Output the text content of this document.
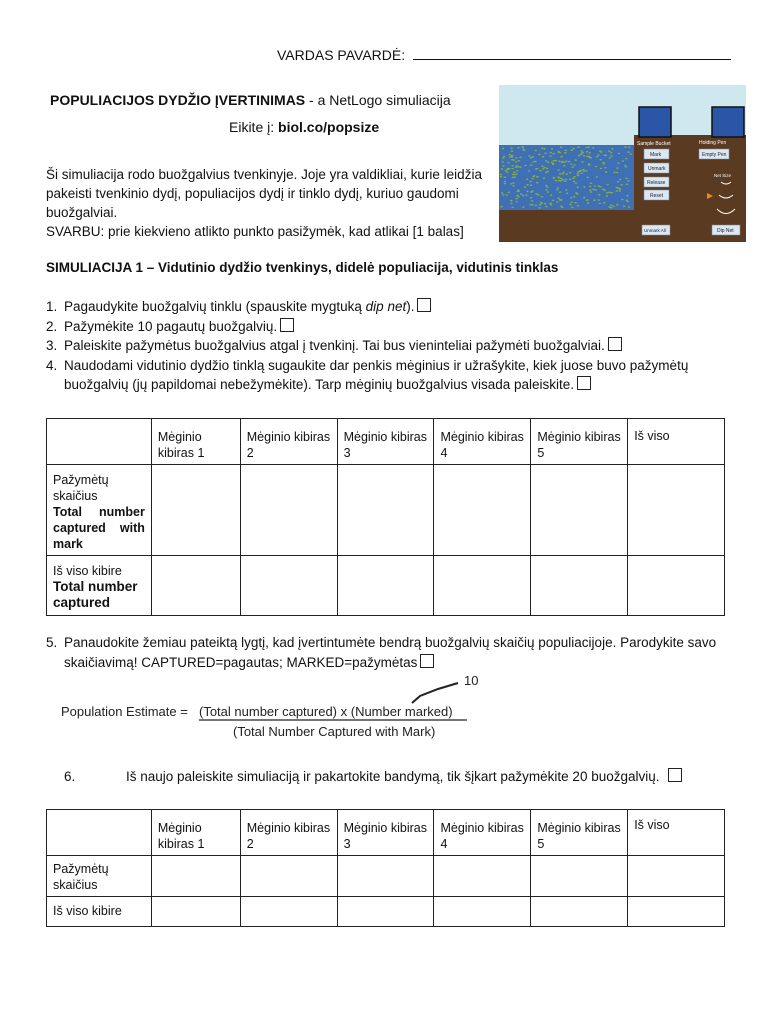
VARDAS PAVARDĖ:
POPULIACIJOS DYDŽIO ĮVERTINIMAS - a NetLogo simuliacija
Eikite į: biol.co/popsize
Ši simuliacija rodo buožgalvius tvenkinyje. Joje yra valdikliai, kurie leidžia pakeisti tvenkinio dydį, populiacijos dydį ir tinklo dydį, kuriuo gaudomi buožgalviai.
SVARBU: prie kiekvieno atlikto punkto pasižymėk, kad atlikai [1 balas]
Sample Bucket	Holding Pen
Mark
Unmark
Release
Reset
Empty Pen
Net Size
Unmark All	Dip Net
SIMULIACIJA 1 – Vidutinio dydžio tvenkinys, didelė populiacija, vidutinis tinklas
1. Pagaudykite buožgalvių tinklu (spauskite mygtuką dip net).
2. Pažymėkite 10 pagautų buožgalvių.
3. Paleiskite pažymėtus buožgalvius atgal į tvenkinį. Tai bus vieninteliai pažymėti buožgalviai.
4. Naudodami vidutinio dydžio tinklą sugaukite dar penkis mėginius ir užrašykite, kiek juose buvo pažymėtų buožgalvių (jų papildomai nebežymėkite). Tarp mėginių buožgalvius visada paleiskite.
	Mėginio kibiras 1	Mėginio kibiras 2	Mėginio kibiras 3	Mėginio kibiras 4	Mėginio kibiras 5	Iš viso

Pažymėtų skaičius
Total number captured with mark						

Iš viso kibire
Total number captured						

5. Panaudokite žemiau pateiktą lygtį, kad įvertintumėte bendrą buožgalvių skaičių populiacijoje. Parodykite savo skaičiavimą! CAPTURED=pagautas; MARKED=pažymėtas
Population Estimate = (Total number captured) x (Number marked)
(Total Number Captured with Mark)
10
6.	Iš naujo paleiskite simuliaciją ir pakartokite bandymą, tik šįkart pažymėkite 20 buožgalvių.
	Mėginio kibiras 1	Mėginio kibiras 2	Mėginio kibiras 3	Mėginio kibiras 4	Mėginio kibiras 5	Iš viso
Pažymėtų skaičius						
Iš viso kibire						
